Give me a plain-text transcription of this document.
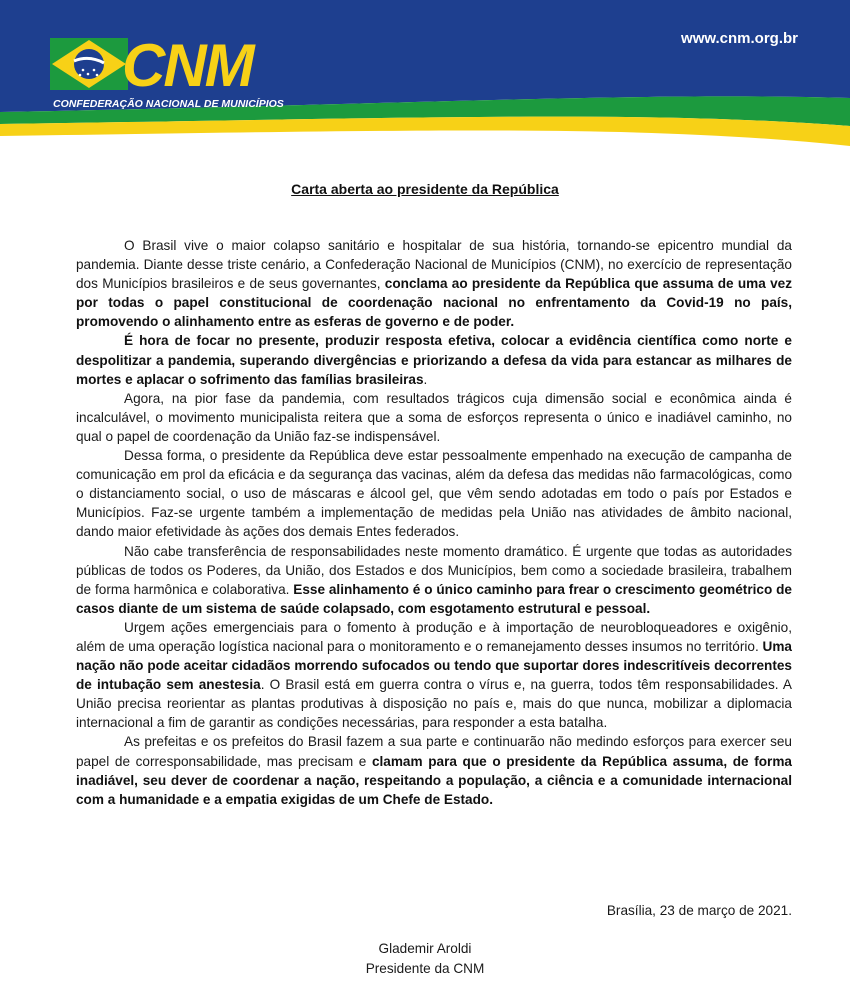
CNM
CONFEDERAÇÃO NACIONAL DE MUNICÍPIOS
www.cnm.org.br
Carta aberta ao presidente da República

O Brasil vive o maior colapso sanitário e hospitalar de sua história, tornando-se epicentro mundial da pandemia. Diante desse triste cenário, a Confederação Nacional de Municípios (CNM), no exercício de representação dos Municípios brasileiros e de seus governantes, conclama ao presidente da República que assuma de uma vez por todas o papel constitucional de coordenação nacional no enfrentamento da Covid-19 no país, promovendo o alinhamento entre as esferas de governo e de poder.

É hora de focar no presente, produzir resposta efetiva, colocar a evidência científica como norte e despolitizar a pandemia, superando divergências e priorizando a defesa da vida para estancar as milhares de mortes e aplacar o sofrimento das famílias brasileiras.

Agora, na pior fase da pandemia, com resultados trágicos cuja dimensão social e econômica ainda é incalculável, o movimento municipalista reitera que a soma de esforços representa o único e inadiável caminho, no qual o papel de coordenação da União faz-se indispensável.

Dessa forma, o presidente da República deve estar pessoalmente empenhado na execução de campanha de comunicação em prol da eficácia e da segurança das vacinas, além da defesa das medidas não farmacológicas, como o distanciamento social, o uso de máscaras e álcool gel, que vêm sendo adotadas em todo o país por Estados e Municípios. Faz-se urgente também a implementação de medidas pela União nas atividades de âmbito nacional, dando maior efetividade às ações dos demais Entes federados.

Não cabe transferência de responsabilidades neste momento dramático. É urgente que todas as autoridades públicas de todos os Poderes, da União, dos Estados e dos Municípios, bem como a sociedade brasileira, trabalhem de forma harmônica e colaborativa. Esse alinhamento é o único caminho para frear o crescimento geométrico de casos diante de um sistema de saúde colapsado, com esgotamento estrutural e pessoal.

Urgem ações emergenciais para o fomento à produção e à importação de neurobloqueadores e oxigênio, além de uma operação logística nacional para o monitoramento e o remanejamento desses insumos no território. Uma nação não pode aceitar cidadãos morrendo sufocados ou tendo que suportar dores indescritíveis decorrentes de intubação sem anestesia. O Brasil está em guerra contra o vírus e, na guerra, todos têm responsabilidades. A União precisa reorientar as plantas produtivas à disposição no país e, mais do que nunca, mobilizar a diplomacia internacional a fim de garantir as condições necessárias, para responder a esta batalha.

As prefeitas e os prefeitos do Brasil fazem a sua parte e continuarão não medindo esforços para exercer seu papel de corresponsabilidade, mas precisam e clamam para que o presidente da República assuma, de forma inadiável, seu dever de coordenar a nação, respeitando a população, a ciência e a comunidade internacional com a humanidade e a empatia exigidas de um Chefe de Estado.

Brasília, 23 de março de 2021.
Glademir Aroldi
Presidente da CNM
